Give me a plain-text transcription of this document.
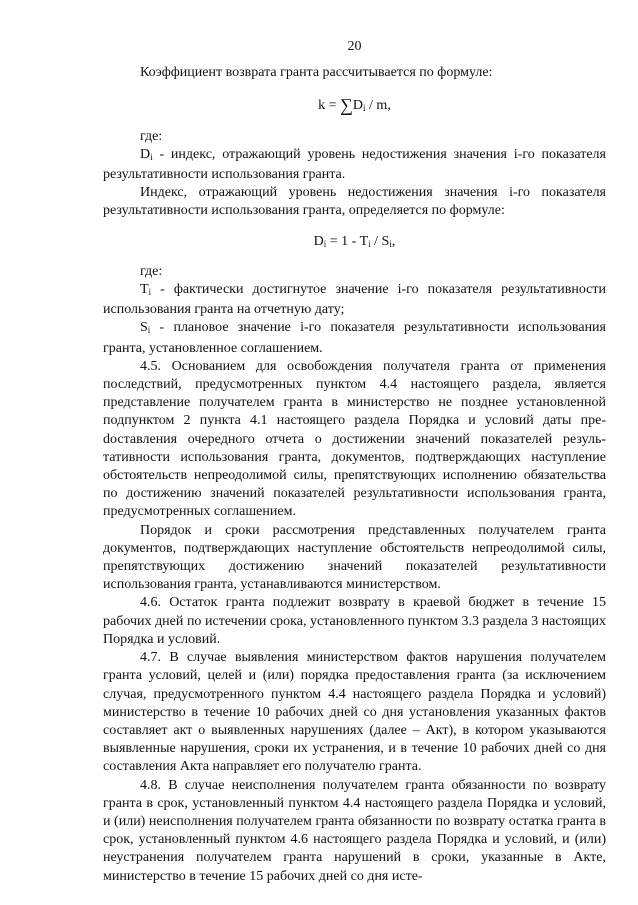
20

Коэффициент возврата гранта рассчитывается по формуле:

$k = \sum D_i / m$,

где:

$D_i$ - индекс, отражающий уровень недостижения значения i-го показателя результативности использования гранта.

Индекс, отражающий уровень недостижения значения i-го показателя результативности использования гранта, определяется по формуле:

$D_i = 1 - T_i / S_i$,

где:

$T_i$ - фактически достигнутое значение i-го показателя результативности использования гранта на отчетную дату;

$S_i$ - плановое значение i-го показателя результативности использования гранта, установленное соглашением.

4.5. Основанием для освобождения получателя гранта от применения последствий, предусмотренных пунктом 4.4 настоящего раздела, является представление получателем гранта в министерство не позднее установленной подпунктом 2 пункта 4.1 настоящего раздела Порядка и условий даты преdоставления очередного отчета о достижении значений показателей результативности использования гранта, документов, подтверждающих наступление обстоятельств непреодолимой силы, препятствующих исполнению обязательства по достижению значений показателей результативности использования гранта, предусмотренных соглашением.

Порядок и сроки рассмотрения представленных получателем гранта документов, подтверждающих наступление обстоятельств непреодолимой силы, препятствующих достижению значений показателей результативности использования гранта, устанавливаются министерством.

4.6. Остаток гранта подлежит возврату в краевой бюджет в течение 15 рабочих дней по истечении срока, установленного пунктом 3.3 раздела 3 настоящих Порядка и условий.

4.7. В случае выявления министерством фактов нарушения получателем гранта условий, целей и (или) порядка предоставления гранта (за исключением случая, предусмотренного пунктом 4.4 настоящего раздела Порядка и условий) министерство в течение 10 рабочих дней со дня установления указанных фактов составляет акт о выявленных нарушениях (далее – Акт), в котором указываются выявленные нарушения, сроки их устранения, и в течение 10 рабочих дней со дня составления Акта направляет его получателю гранта.

4.8. В случае неисполнения получателем гранта обязанности по возврату гранта в срок, установленный пунктом 4.4 настоящего раздела Порядка и условий, и (или) неисполнения получателем гранта обязанности по возврату остатка гранта в срок, установленный пунктом 4.6 настоящего раздела Порядка и условий, и (или) неустранения получателем гранта нарушений в сроки, указанные в Акте, министерство в течение 15 рабочих дней со дня исте-
